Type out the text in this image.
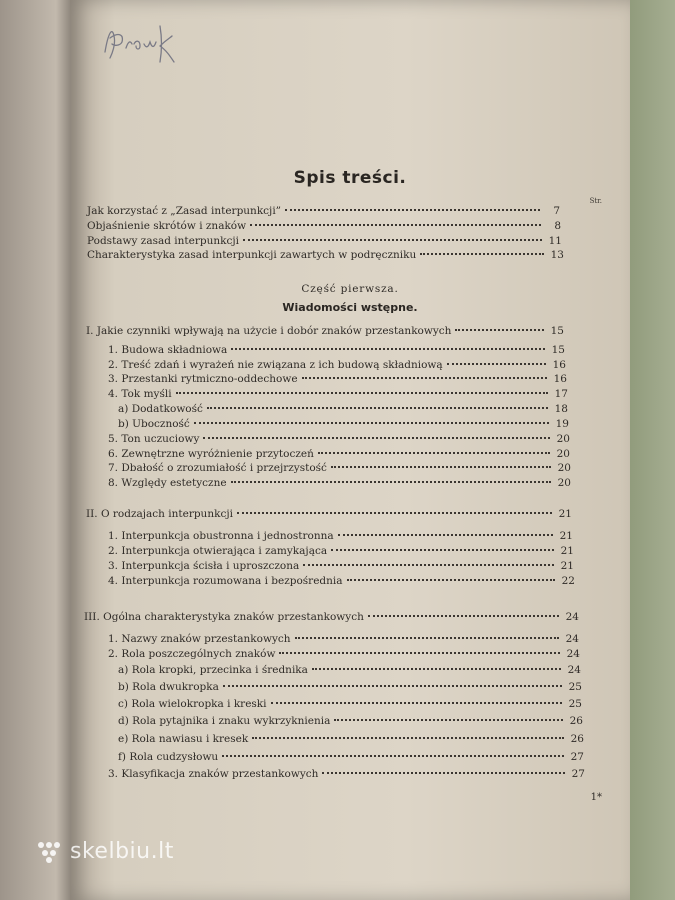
Spis treści.
Str.
Jak korzystać z „Zasad interpunkcji”	7
Objaśnienie skrótów i znaków	8
Podstawy zasad interpunkcji	11
Charakterystyka zasad interpunkcji zawartych w podręczniku	13
Część pierwsza.
Wiadomości wstępne.
I. Jakie czynniki wpływają na użycie i dobór znaków przestankowych	15
1. Budowa składniowa	15
2. Treść zdań i wyrażeń nie związana z ich budową składniową	16
3. Przestanki rytmiczno-oddechowe	16
4. Tok myśli	17
a) Dodatkowość	18
b) Uboczność	19
5. Ton uczuciowy	20
6. Zewnętrzne wyróżnienie przytoczeń	20
7. Dbałość o zrozumiałość i przejrzystość	20
8. Względy estetyczne	20
II. O rodzajach interpunkcji	21
1. Interpunkcja obustronna i jednostronna	21
2. Interpunkcja otwierająca i zamykająca	21
3. Interpunkcja ścisła i uproszczona	21
4. Interpunkcja rozumowana i bezpośrednia	22
III. Ogólna charakterystyka znaków przestankowych	24
1. Nazwy znaków przestankowych	24
2. Rola poszczególnych znaków	24
a) Rola kropki, przecinka i średnika	24
b) Rola dwukropka	25
c) Rola wielokropka i kreski	25
d) Rola pytajnika i znaku wykrzyknienia	26
e) Rola nawiasu i kresek	26
f) Rola cudzysłowu	27
3. Klasyfikacja znaków przestankowych	27
1*
skelbiu.lt
